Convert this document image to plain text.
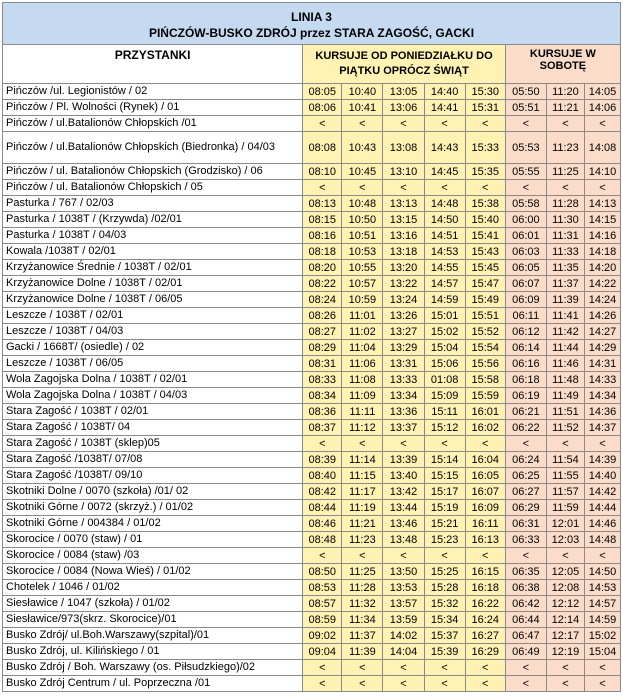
LINIA 3
PIŃCZÓW-BUSKO ZDRÓJ przez STARA ZAGOŚĆ, GACKI								

PRZYSTANKI	KURSUJE OD PONIEDZIAŁKU DO PIĄTKU OPRÓCZ ŚWIĄT					KURSUJE W SOBOTĘ		
Pińczów /ul. Legionistów / 02	08:05	10:40	13:05	14:40	15:30	05:50	11:20	14:05
Pińczów / Pl. Wolności (Rynek) / 01	08:06	10:41	13:06	14:41	15:31	05:51	11:21	14:06
Pińczów / ul.Batalionów Chłopskich /01	<	<	<	<	<	<	<	<
Pińczów / ul.Batalionów Chłopskich (Biedronka) / 04/03	08:08	10:43	13:08	14:43	15:33	05:53	11:23	14:08
Pińczów / ul. Batalionów Chłopskich (Grodzisko) / 06	08:10	10:45	13:10	14:45	15:35	05:55	11:25	14:10
Pińczów / ul. Batalionów Chłopskich / 05	<	<	<	<	<	<	<	<
Pasturka / 767 / 02/03	08:13	10:48	13:13	14:48	15:38	05:58	11:28	14:13
Pasturka / 1038T / (Krzywda) /02/01	08:15	10:50	13:15	14:50	15:40	06:00	11:30	14:15
Pasturka / 1038T / 04/03	08:16	10:51	13:16	14:51	15:41	06:01	11:31	14:16
Kowala /1038T / 02/01	08:18	10:53	13:18	14:53	15:43	06:03	11:33	14:18
Krzyżanowice Średnie / 1038T / 02/01	08:20	10:55	13:20	14:55	15:45	06:05	11:35	14:20
Krzyżanowice Dolne / 1038T / 02/01	08:22	10:57	13:22	14:57	15:47	06:07	11:37	14:22
Krzyżanowice Dolne / 1038T / 06/05	08:24	10:59	13:24	14:59	15:49	06:09	11:39	14:24
Leszcze / 1038T / 02/01	08:26	11:01	13:26	15:01	15:51	06:11	11:41	14:26
Leszcze / 1038T / 04/03	08:27	11:02	13:27	15:02	15:52	06:12	11:42	14:27
Gacki / 1668T/ (osiedle) / 02	08:29	11:04	13:29	15:04	15:54	06:14	11:44	14:29
Leszcze / 1038T / 06/05	08:31	11:06	13:31	15:06	15:56	06:16	11:46	14:31
Wola Zagojska Dolna / 1038T / 02/01	08:33	11:08	13:33	01:08	15:58	06:18	11:48	14:33
Wola Zagojska Dolna / 1038T / 04/03	08:34	11:09	13:34	15:09	15:59	06:19	11:49	14:34
Stara Zagość / 1038T / 02/01	08:36	11:11	13:36	15:11	16:01	06:21	11:51	14:36
Stara Zagość / 1038T/ 04	08:37	11:12	13:37	15:12	16:02	06:22	11:52	14:37
Stara Zagość / 1038T (sklep)05	<	<	<	<	<	<	<	<
Stara Zagość /1038T/ 07/08	08:39	11:14	13:39	15:14	16:04	06:24	11:54	14:39
Stara Zagość /1038T/ 09/10	08:40	11:15	13:40	15:15	16:05	06:25	11:55	14:40
Skotniki Dolne / 0070 (szkoła) /01/ 02	08:42	11:17	13:42	15:17	16:07	06:27	11:57	14:42
Skotniki Górne / 0072 (skrzyż.) / 01/02	08:44	11:19	13:44	15:19	16:09	06:29	11:59	14:44
Skotniki Górne / 004384 / 01/02	08:46	11:21	13:46	15:21	16:11	06:31	12:01	14:46
Skorocice / 0070 (staw) / 01	08:48	11:23	13:48	15:23	16:13	06:33	12:03	14:48
Skorocice / 0084 (staw) /03	<	<	<	<	<	<	<	<
Skorocice / 0084 (Nowa Wieś) / 01/02	08:50	11:25	13:50	15:25	16:15	06:35	12:05	14:50
Chotelek / 1046 / 01/02	08:53	11:28	13:53	15:28	16:18	06:38	12:08	14:53
Siesławice / 1047 (szkoła) / 01/02	08:57	11:32	13:57	15:32	16:22	06:42	12:12	14:57
Siesławice/973(skrz. Skorocice)/01	08:59	11:34	13:59	15:34	16:24	06:44	12:14	14:59
Busko Zdrój/ ul.Boh.Warszawy(szpital)/01	09:02	11:37	14:02	15:37	16:27	06:47	12:17	15:02
Busko Zdrój, ul. Kilińskiego / 01	09:04	11:39	14:04	15:39	16:29	06:49	12:19	15:04
Busko Zdrój / Boh. Warszawy (os. Piłsudzkiego)/02	<	<	<	<	<	<	<	<
Busko Zdrój Centrum / ul. Poprzeczna /01	<	<	<	<	<	<	<	<
